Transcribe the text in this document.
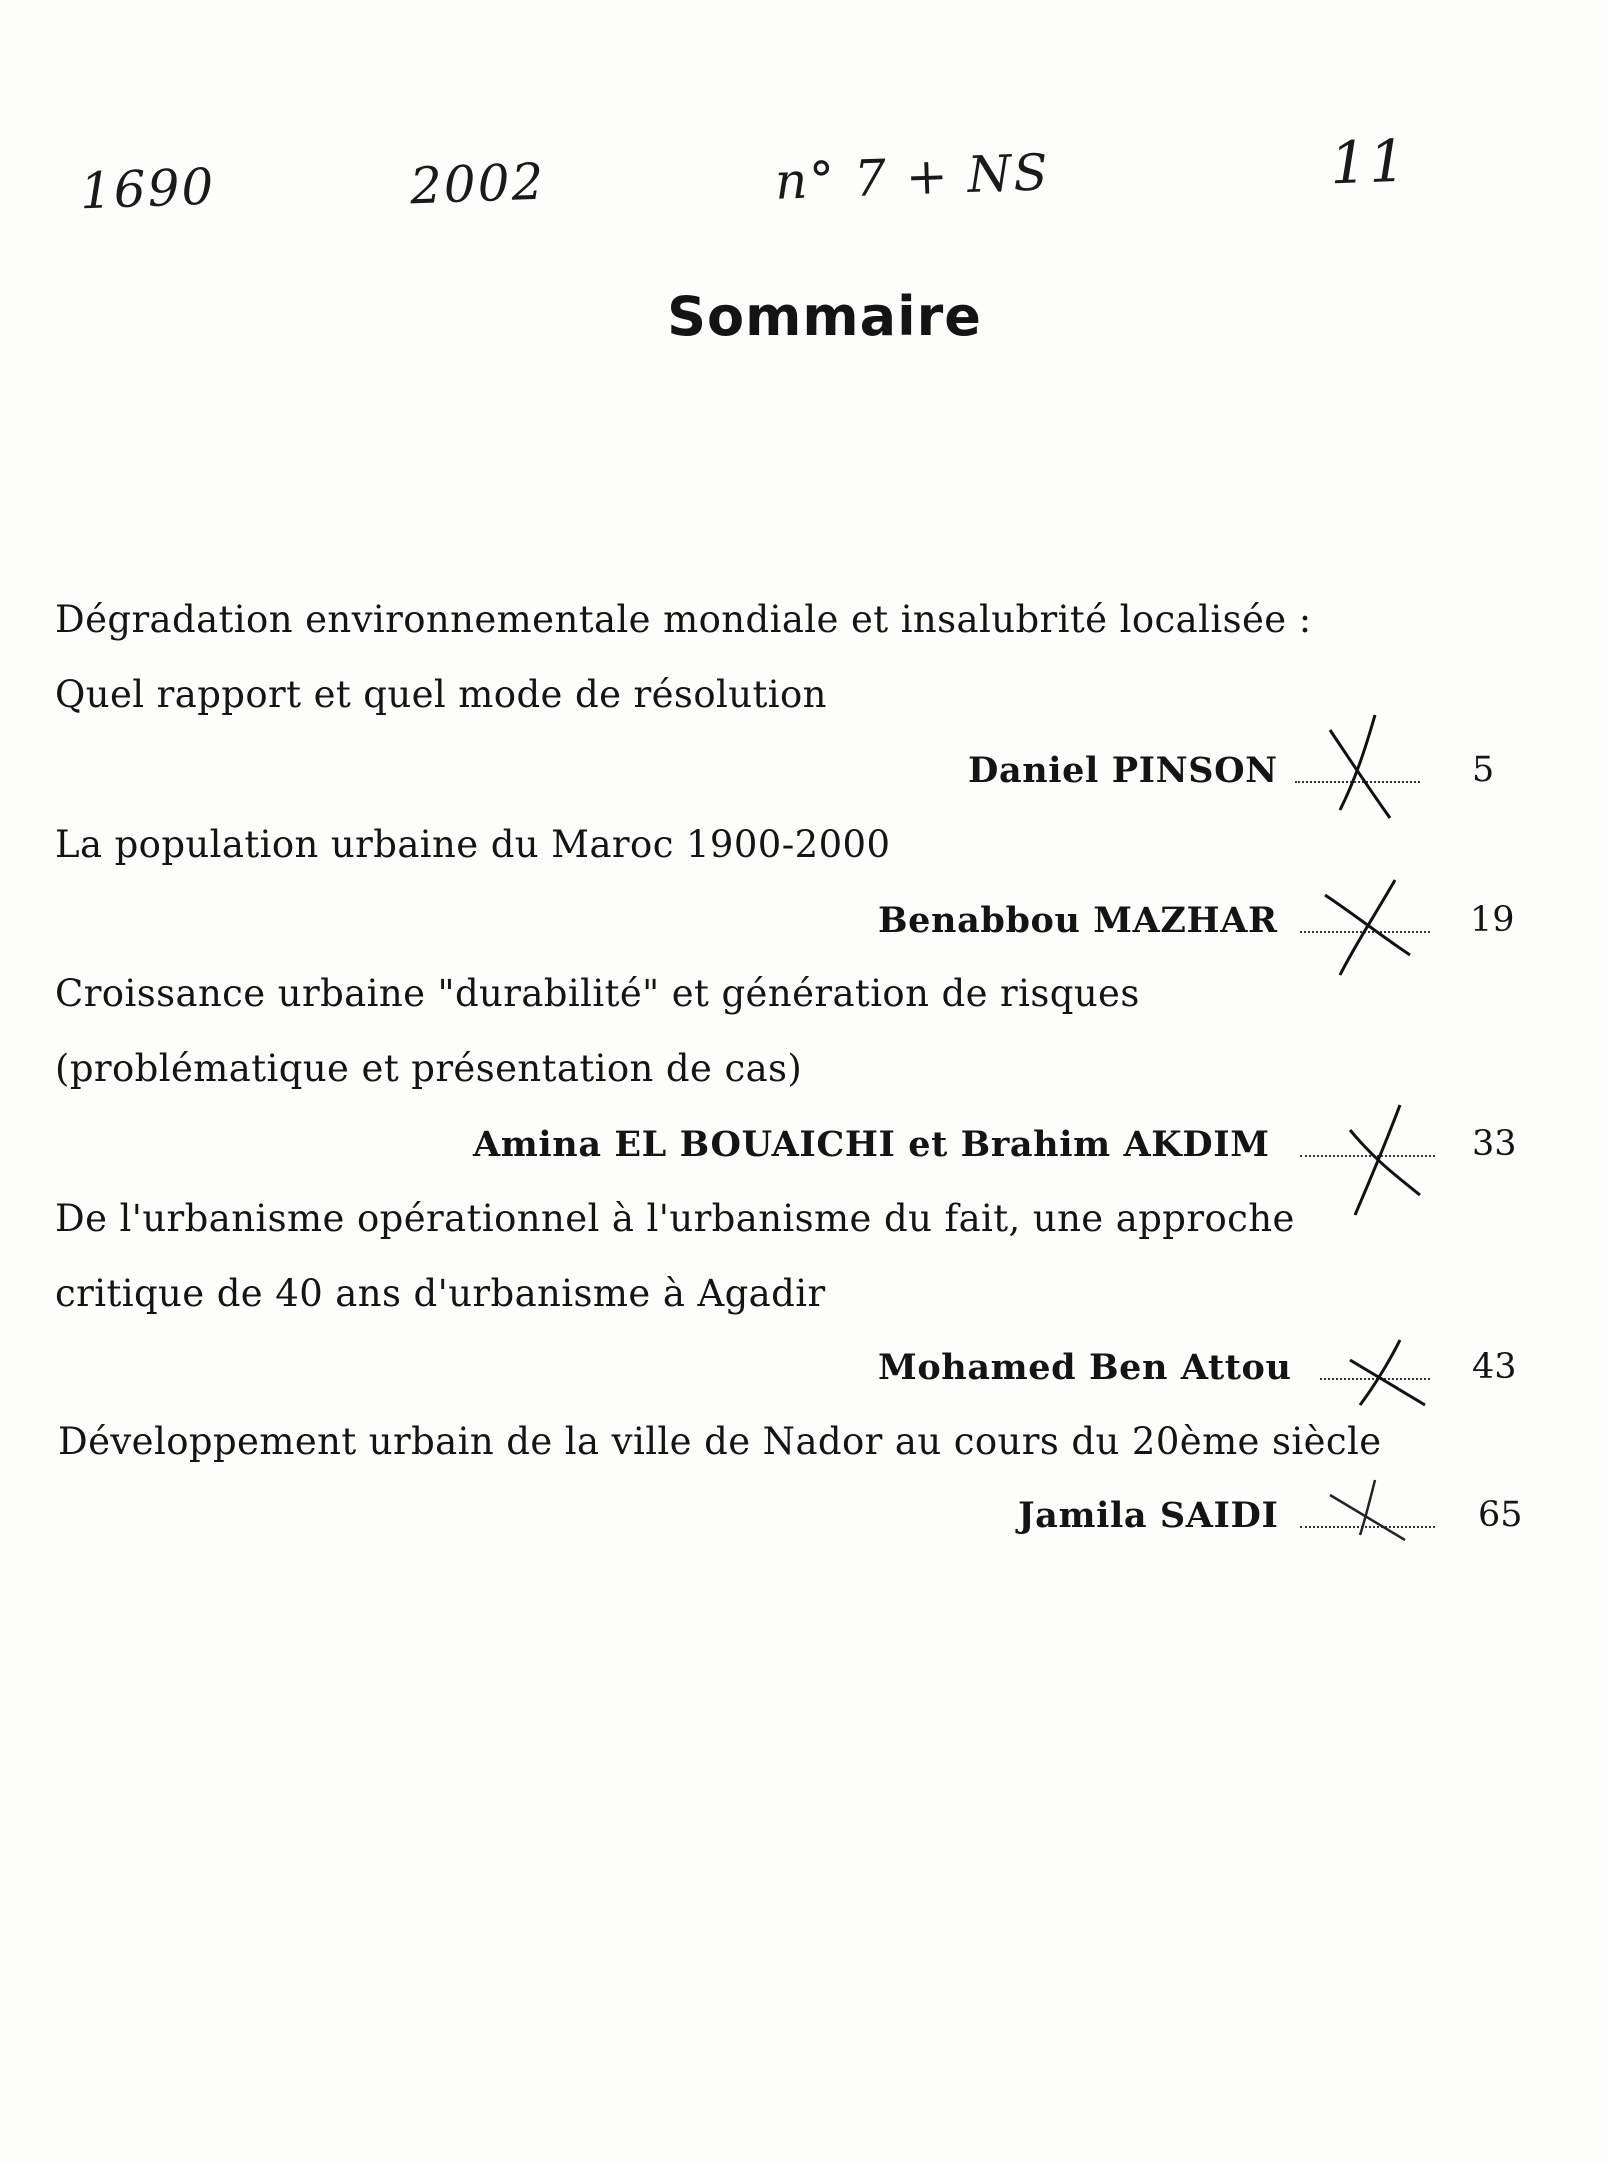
1690	2002	n° 7 + NS	11
Sommaire
Dégradation environnementale mondiale et insalubrité localisée :
Quel rapport et quel mode de résolution
Daniel PINSON	5
La population urbaine du Maroc 1900-2000
Benabbou MAZHAR	19
Croissance urbaine "durabilité" et génération de risques
(problématique et présentation de cas)
Amina EL BOUAICHI et Brahim AKDIM	33
De l'urbanisme opérationnel à l'urbanisme du fait, une approche
critique de 40 ans d'urbanisme à Agadir
Mohamed Ben Attou	43
Développement urbain de la ville de Nador au cours du 20ème siècle
Jamila SAIDI	65
